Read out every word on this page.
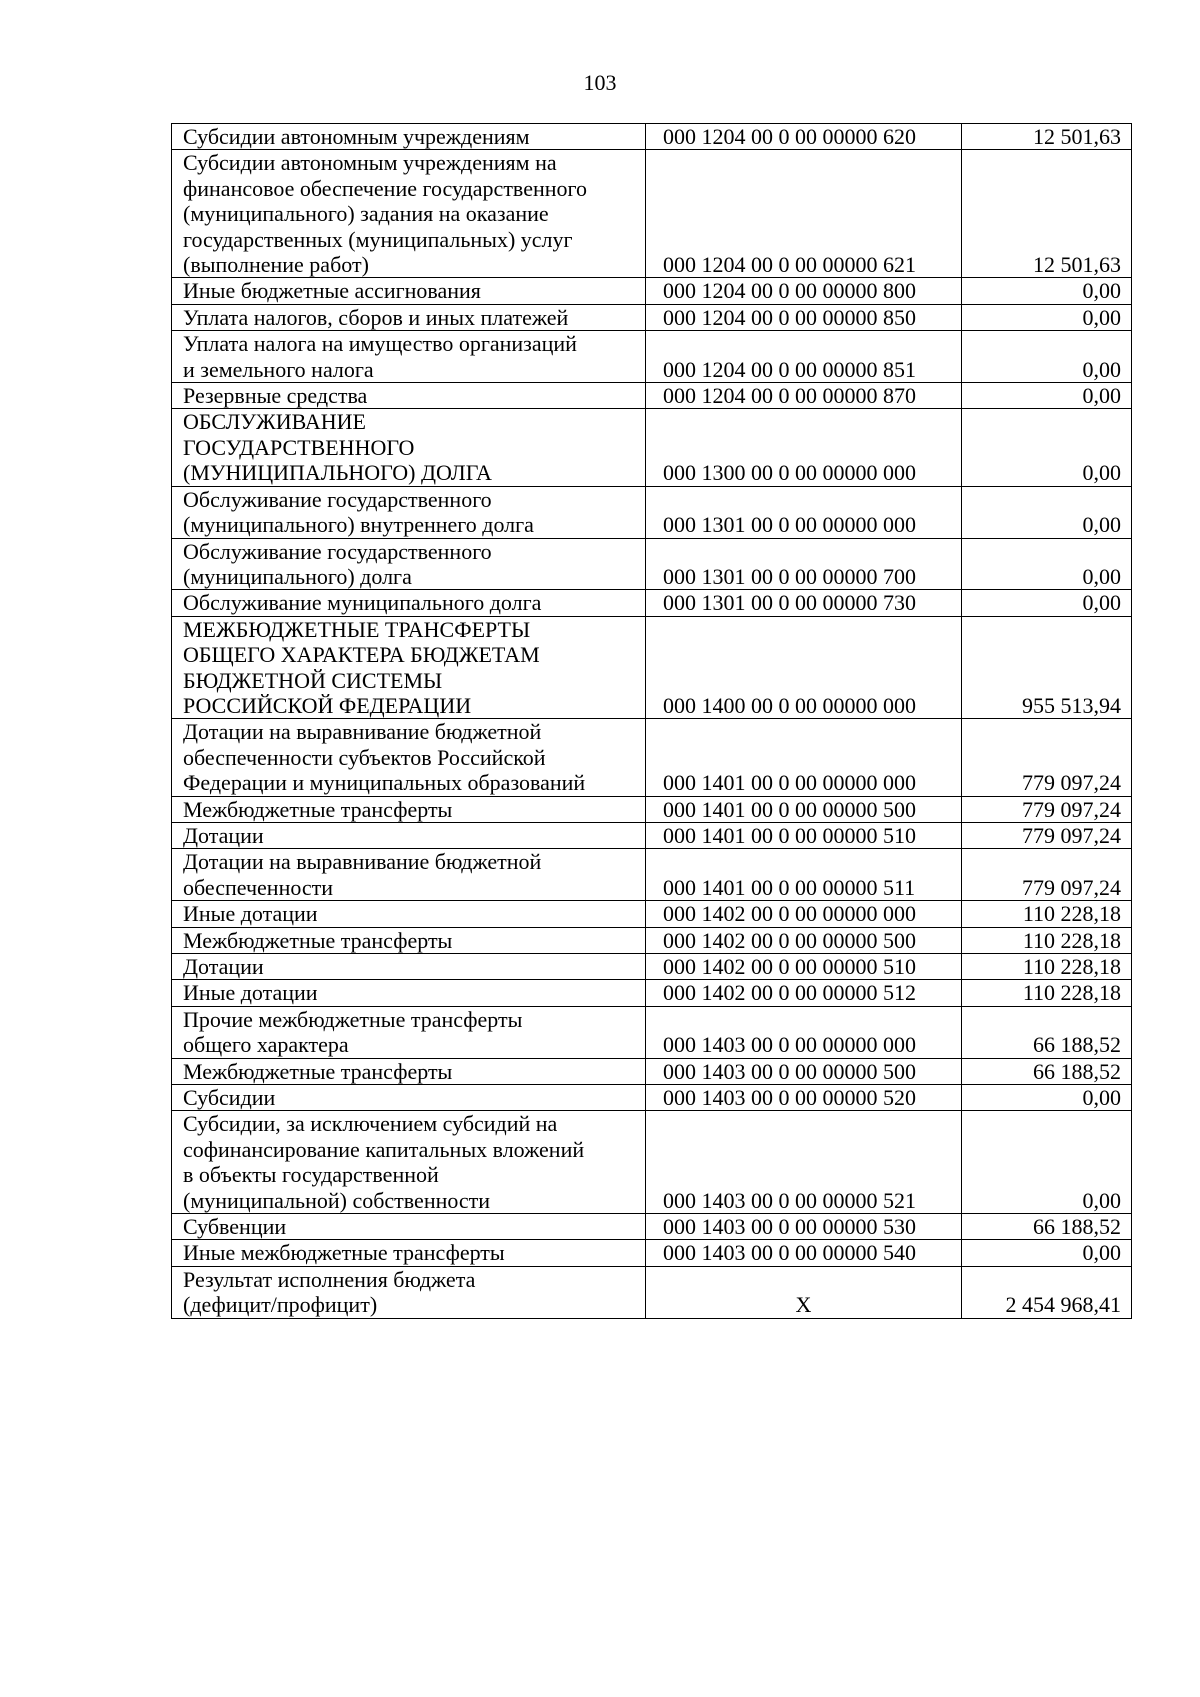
103
Субсидии автономным учреждениям	000 1204 00 0 00 00000 620	12 501,63

Субсидии автономным учреждениям на
финансовое обеспечение государственного
(муниципального) задания на оказание
государственных (муниципальных) услуг
(выполнение работ)	000 1204 00 0 00 00000 621	12 501,63

Иные бюджетные ассигнования	000 1204 00 0 00 00000 800	0,00

Уплата налогов, сборов и иных платежей	000 1204 00 0 00 00000 850	0,00

Уплата налога на имущество организаций
и земельного налога	000 1204 00 0 00 00000 851	0,00

Резервные средства	000 1204 00 0 00 00000 870	0,00

ОБСЛУЖИВАНИЕ
ГОСУДАРСТВЕННОГО
(МУНИЦИПАЛЬНОГО) ДОЛГА	000 1300 00 0 00 00000 000	0,00

Обслуживание государственного
(муниципального) внутреннего долга	000 1301 00 0 00 00000 000	0,00

Обслуживание государственного
(муниципального) долга	000 1301 00 0 00 00000 700	0,00

Обслуживание муниципального долга	000 1301 00 0 00 00000 730	0,00

МЕЖБЮДЖЕТНЫЕ ТРАНСФЕРТЫ
ОБЩЕГО ХАРАКТЕРА БЮДЖЕТАМ
БЮДЖЕТНОЙ СИСТЕМЫ
РОССИЙСКОЙ ФЕДЕРАЦИИ	000 1400 00 0 00 00000 000	955 513,94

Дотации на выравнивание бюджетной
обеспеченности субъектов Российской
Федерации и муниципальных образований	000 1401 00 0 00 00000 000	779 097,24

Межбюджетные трансферты	000 1401 00 0 00 00000 500	779 097,24

Дотации	000 1401 00 0 00 00000 510	779 097,24

Дотации на выравнивание бюджетной
обеспеченности	000 1401 00 0 00 00000 511	779 097,24

Иные дотации	000 1402 00 0 00 00000 000	110 228,18

Межбюджетные трансферты	000 1402 00 0 00 00000 500	110 228,18

Дотации	000 1402 00 0 00 00000 510	110 228,18

Иные дотации	000 1402 00 0 00 00000 512	110 228,18

Прочие межбюджетные трансферты
общего характера	000 1403 00 0 00 00000 000	66 188,52

Межбюджетные трансферты	000 1403 00 0 00 00000 500	66 188,52

Субсидии	000 1403 00 0 00 00000 520	0,00

Субсидии, за исключением субсидий на
софинансирование капитальных вложений
в объекты государственной
(муниципальной) собственности	000 1403 00 0 00 00000 521	0,00

Субвенции	000 1403 00 0 00 00000 530	66 188,52

Иные межбюджетные трансферты	000 1403 00 0 00 00000 540	0,00

Результат исполнения бюджета
(дефицит/профицит)	X	2 454 968,41
